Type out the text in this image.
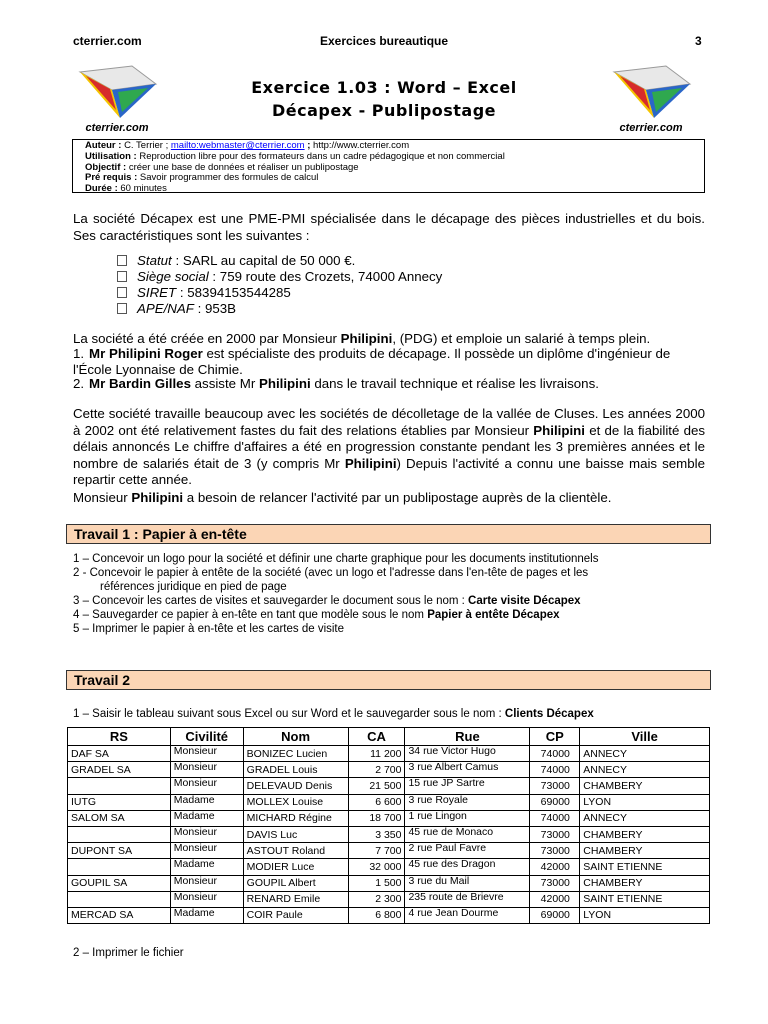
cterrier.com	Exercices bureautique	3
cterrier.com	cterrier.com
Exercice 1.03 : Word – Excel
Décapex - Publipostage
Auteur : C. Terrier ; mailto:webmaster@cterrier.com ; http://www.cterrier.com
Utilisation : Reproduction libre pour des formateurs dans un cadre pédagogique et non commercial
Objectif : créer une base de données et réaliser un publipostage
Pré requis : Savoir programmer des formules de calcul
Durée : 60 minutes
La société Décapex est une PME-PMI spécialisée dans le décapage des pièces industrielles et du bois. Ses caractéristiques sont les suivantes :
Statut : SARL au capital de 50 000 €.
Siège social : 759 route des Crozets, 74000 Annecy
SIRET : 58394153544285
APE/NAF : 953B
La société a été créée en 2000 par Monsieur Philipini, (PDG) et emploie un salarié à temps plein.
1. Mr Philipini Roger est spécialiste des produits de décapage. Il possède un diplôme d'ingénieur de l'École Lyonnaise de Chimie.
2. Mr Bardin Gilles assiste Mr Philipini dans le travail technique et réalise les livraisons.
Cette société travaille beaucoup avec les sociétés de décolletage de la vallée de Cluses. Les années 2000 à 2002 ont été relativement fastes du fait des relations établies par Monsieur Philipini et de la fiabilité des délais annoncés Le chiffre d'affaires a été en progression constante pendant les 3 premières années et le nombre de salariés était de 3 (y compris Mr Philipini) Depuis l'activité a connu une baisse mais semble repartir cette année.
Monsieur Philipini a besoin de relancer l'activité par un publipostage auprès de la clientèle.
Travail 1 : Papier à en-tête
1 – Concevoir un logo pour la société et définir une charte graphique pour les documents institutionnels
2 - Concevoir le papier à entête de la société (avec un logo et l'adresse dans l'en-tête de pages et les
références juridique en pied de page
3 – Concevoir les cartes de visites et sauvegarder le document sous le nom : Carte visite Décapex
4 – Sauvegarder ce papier à en-tête en tant que modèle sous le nom Papier à entête Décapex
5 – Imprimer le papier à en-tête et les cartes de visite
Travail 2
1 – Saisir le tableau suivant sous Excel ou sur Word et le sauvegarder sous le nom : Clients Décapex
RS	Civilité	Nom	CA	Rue	CP	Ville
DAF SA	Monsieur	BONIZEC Lucien	11 200	34 rue Victor Hugo	74000	ANNECY
GRADEL SA	Monsieur	GRADEL Louis	2 700	3 rue Albert Camus	74000	ANNECY
	Monsieur	DELEVAUD Denis	21 500	15 rue JP Sartre	73000	CHAMBERY
IUTG	Madame	MOLLEX Louise	6 600	3 rue Royale	69000	LYON
SALOM SA	Madame	MICHARD Régine	18 700	1 rue Lingon	74000	ANNECY
	Monsieur	DAVIS Luc	3 350	45 rue de Monaco	73000	CHAMBERY
DUPONT SA	Monsieur	ASTOUT Roland	7 700	2 rue Paul Favre	73000	CHAMBERY
	Madame	MODIER Luce	32 000	45 rue des Dragon	42000	SAINT ETIENNE
GOUPIL SA	Monsieur	GOUPIL Albert	1 500	3 rue du Mail	73000	CHAMBERY
	Monsieur	RENARD Emile	2 300	235 route de Brievre	42000	SAINT ETIENNE
MERCAD SA	Madame	COIR Paule	6 800	4 rue Jean Dourme	69000	LYON
2 – Imprimer le fichier
